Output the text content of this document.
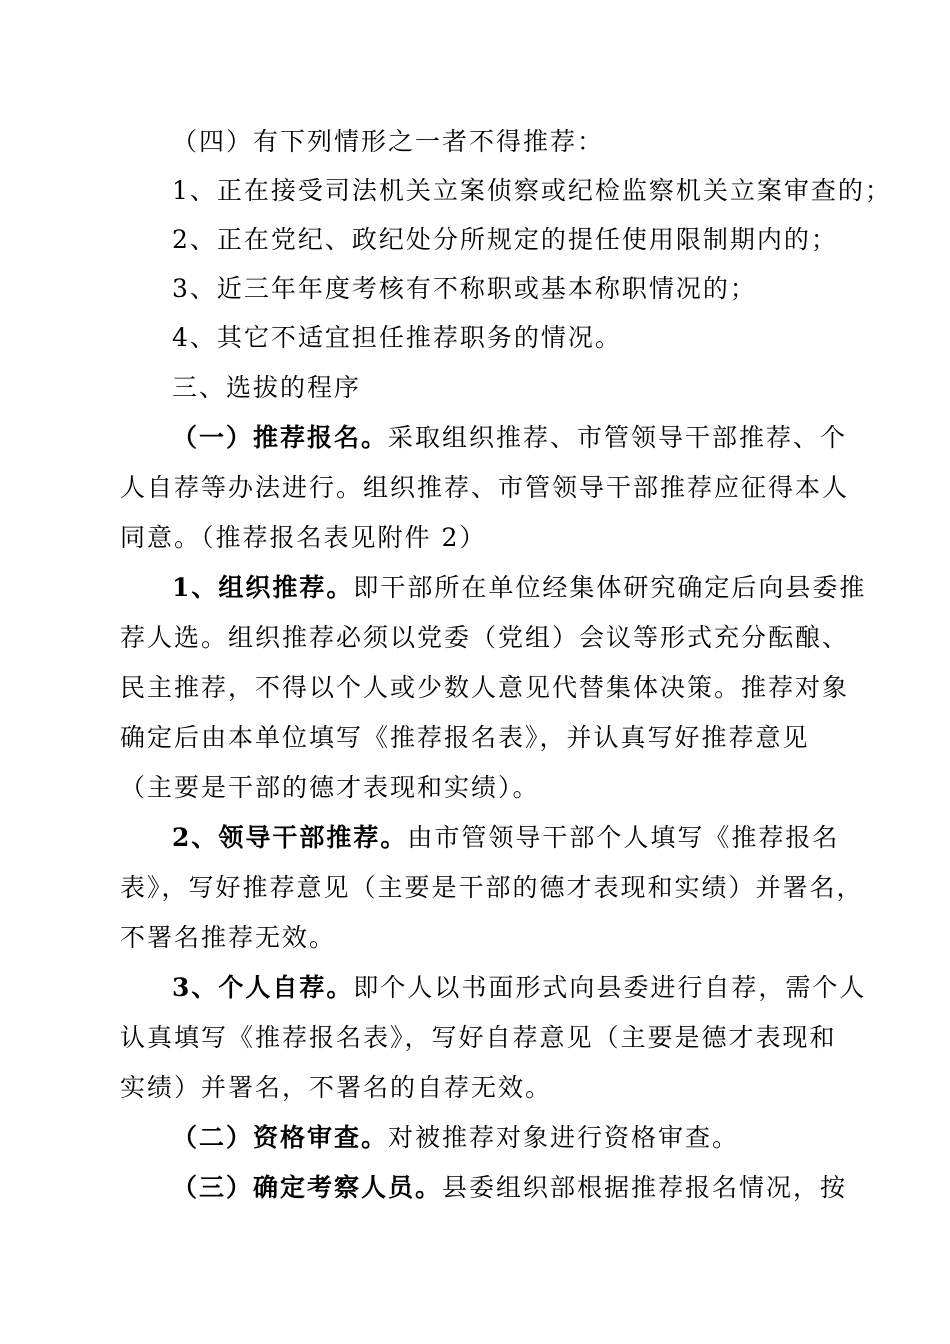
（四）有下列情形之一者不得推荐：
1、正在接受司法机关立案侦察或纪检监察机关立案审查的；
2、正在党纪、政纪处分所规定的提任使用限制期内的；
3、近三年年度考核有不称职或基本称职情况的；
4、其它不适宜担任推荐职务的情况。
三、选拔的程序
（一）推荐报名。采取组织推荐、市管领导干部推荐、个
人自荐等办法进行。组织推荐、市管领导干部推荐应征得本人
同意。（推荐报名表见附件 2）
1、组织推荐。即干部所在单位经集体研究确定后向县委推
荐人选。组织推荐必须以党委（党组）会议等形式充分酝酿、
民主推荐，不得以个人或少数人意见代替集体决策。推荐对象
确定后由本单位填写《推荐报名表》，并认真写好推荐意见
（主要是干部的德才表现和实绩）。
2、领导干部推荐。由市管领导干部个人填写《推荐报名
表》，写好推荐意见（主要是干部的德才表现和实绩）并署名，
不署名推荐无效。
3、个人自荐。即个人以书面形式向县委进行自荐，需个人
认真填写《推荐报名表》，写好自荐意见（主要是德才表现和
实绩）并署名，不署名的自荐无效。
（二）资格审查。对被推荐对象进行资格审查。
（三）确定考察人员。县委组织部根据推荐报名情况，按
